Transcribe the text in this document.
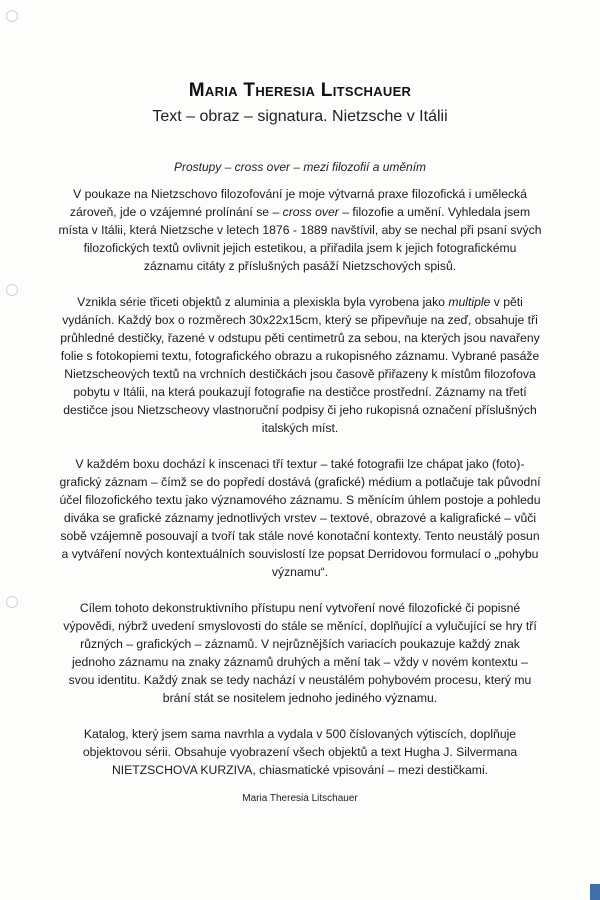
Maria Theresia Litschauer
Text – obraz – signatura. Nietzsche v Itálii
Prostupy – cross over – mezi filozofií a uměním

V poukaze na Nietzschovo filozofování je moje výtvarná praxe filozofická i umělecká zároveň, jde o vzájemné prolínání se – cross over – filozofie a umění. Vyhledala jsem místa v Itálii, která Nietzsche v letech 1876 - 1889 navštívil, aby se nechal při psaní svých filozofických textů ovlivnit jejich estetikou, a přiřadila jsem k jejich fotografickému záznamu citáty z příslušných pasáží Nietzschových spisů.

Vznikla série třiceti objektů z aluminia a plexiskla byla vyrobena jako multiple v pěti vydáních. Každý box o rozměrech 30x22x15cm, který se připevňuje na zeď, obsahuje tři průhledné destičky, řazené v odstupu pěti centimetrů za sebou, na kterých jsou navařeny folie s fotokopiemi textu, fotografického obrazu a rukopisného záznamu. Vybrané pasáže Nietzscheových textů na vrchních destičkách jsou časově přiřazeny k místům filozofova pobytu v Itálii, na která poukazují fotografie na destičce prostřední. Záznamy na třetí destičce jsou Nietzscheovy vlastnoruční podpisy či jeho rukopisná označení příslušných italských míst.

V každém boxu dochází k inscenaci tří textur – také fotografii lze chápat jako (foto)-grafický záznam – čímž se do popředí dostává (grafické) médium a potlačuje tak původní účel filozofického textu jako významového záznamu. S měnícím úhlem postoje a pohledu diváka se grafické záznamy jednotlivých vrstev – textové, obrazové a kaligrafické – vůči sobě vzájemně posouvají a tvoří tak stále nové konotační kontexty. Tento neustálý posun a vytváření nových kontextuálních souvislostí lze popsat Derridovou formulací o „pohybu významu“.

Cílem tohoto dekonstruktivního přístupu není vytvoření nové filozofické či popisné výpovědi, nýbrž uvedení smyslovosti do stále se měnící, doplňující a vylučující se hry tří různých – grafických – záznamů. V nejrůznějších variacích poukazuje každý znak jednoho záznamu na znaky záznamů druhých a mění tak – vždy v novém kontextu – svou identitu. Každý znak se tedy nachází v neustálém pohybovém procesu, který mu brání stát se nositelem jednoho jediného významu.

Katalog, který jsem sama navrhla a vydala v 500 číslovaných výtiscích, doplňuje objektovou sérii. Obsahuje vyobrazení všech objektů a text Hugha J. Silvermana NIETZSCHOVA KURZIVA, chiasmatické vpisování – mezi destičkami.

Maria Theresia Litschauer
